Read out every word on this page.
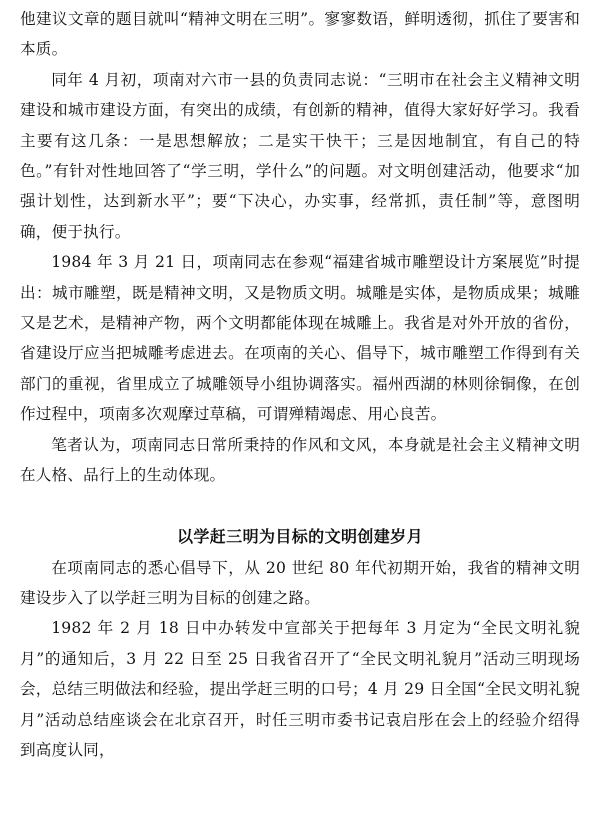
他建议文章的题目就叫“精神文明在三明”。寥寥数语，鲜明透彻，抓住了要害和本质。

同年 4 月初，项南对六市一县的负责同志说：“三明市在社会主义精神文明建设和城市建设方面，有突出的成绩，有创新的精神，值得大家好好学习。我看主要有这几条：一是思想解放；二是实干快干；三是因地制宜，有自己的特色。”有针对性地回答了“学三明，学什么”的问题。对文明创建活动，他要求“加强计划性，达到新水平”；要“下决心，办实事，经常抓，责任制”等，意图明确，便于执行。

1984 年 3 月 21 日，项南同志在参观“福建省城市雕塑设计方案展览”时提出：城市雕塑，既是精神文明，又是物质文明。城雕是实体，是物质成果；城雕又是艺术，是精神产物，两个文明都能体现在城雕上。我省是对外开放的省份，省建设厅应当把城雕考虑进去。在项南的关心、倡导下，城市雕塑工作得到有关部门的重视，省里成立了城雕领导小组协调落实。福州西湖的林则徐铜像，在创作过程中，项南多次观摩过草稿，可谓殚精竭虑、用心良苦。

笔者认为，项南同志日常所秉持的作风和文风，本身就是社会主义精神文明在人格、品行上的生动体现。

以学赶三明为目标的文明创建岁月

在项南同志的悉心倡导下，从 20 世纪 80 年代初期开始，我省的精神文明建设步入了以学赶三明为目标的创建之路。

1982 年 2 月 18 日中办转发中宣部关于把每年 3 月定为“全民文明礼貌月”的通知后，3 月 22 日至 25 日我省召开了“全民文明礼貌月”活动三明现场会，总结三明做法和经验，提出学赶三明的口号；4 月 29 日全国“全民文明礼貌月”活动总结座谈会在北京召开，时任三明市委书记袁启彤在会上的经验介绍得到高度认同，
